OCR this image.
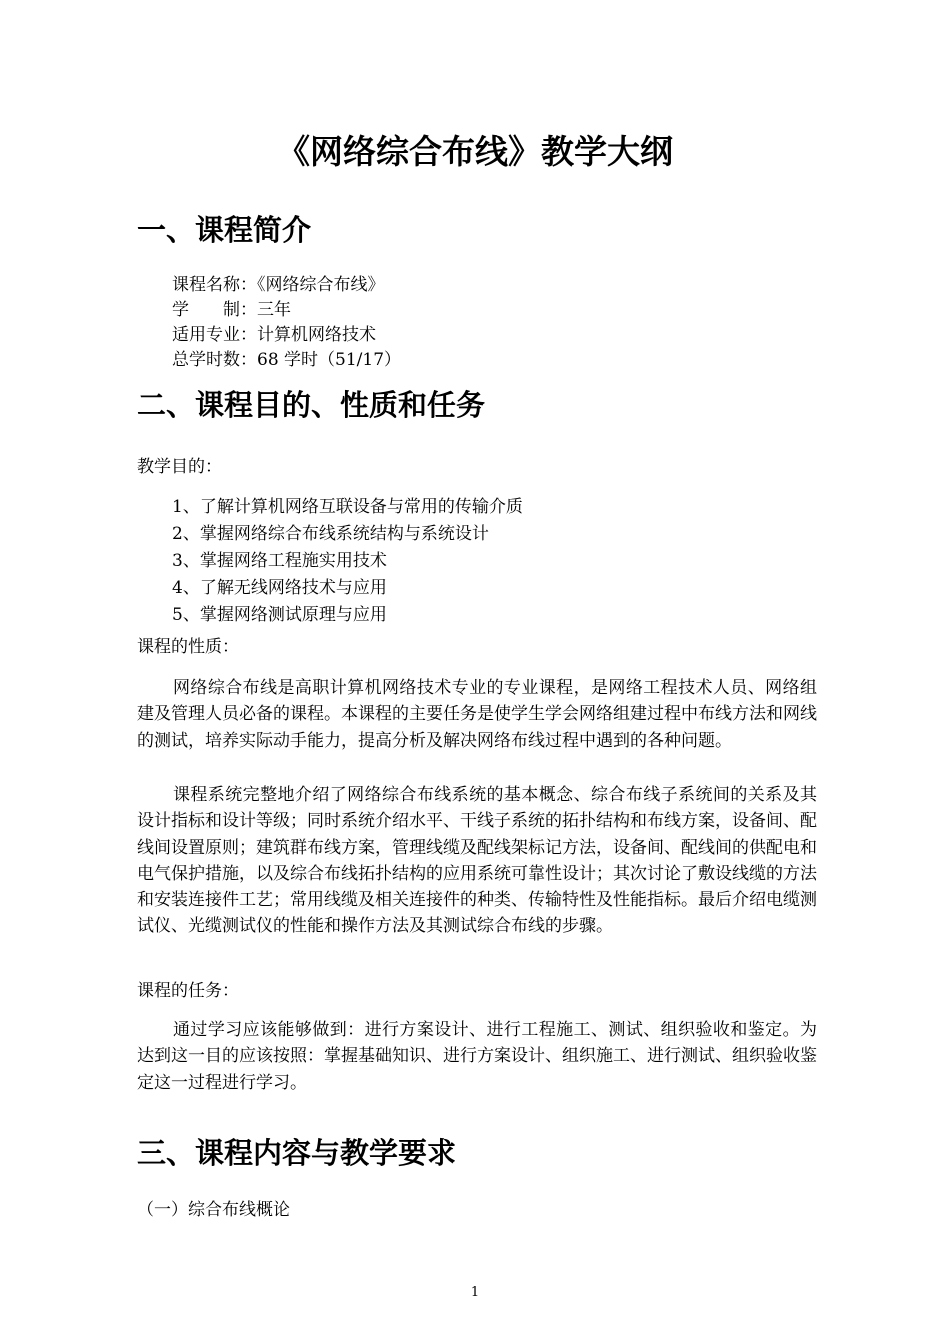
《网络综合布线》教学大纲
一、课程简介
课程名称：《网络综合布线》
学　　制：三年
适用专业：计算机网络技术
总学时数：68 学时（51/17）
二、课程目的、性质和任务
教学目的：
1、了解计算机网络互联设备与常用的传输介质
2、掌握网络综合布线系统结构与系统设计
3、掌握网络工程施实用技术
4、了解无线网络技术与应用
5、掌握网络测试原理与应用
课程的性质：

网络综合布线是高职计算机网络技术专业的专业课程，是网络工程技术人员、网络组建及管理人员必备的课程。本课程的主要任务是使学生学会网络组建过程中布线方法和网线的测试，培养实际动手能力，提高分析及解决网络布线过程中遇到的各种问题。

课程系统完整地介绍了网络综合布线系统的基本概念、综合布线子系统间的关系及其设计指标和设计等级；同时系统介绍水平、干线子系统的拓扑结构和布线方案，设备间、配线间设置原则；建筑群布线方案，管理线缆及配线架标记方法，设备间、配线间的供配电和电气保护措施，以及综合布线拓扑结构的应用系统可靠性设计；其次讨论了敷设线缆的方法和安装连接件工艺；常用线缆及相关连接件的种类、传输特性及性能指标。最后介绍电缆测试仪、光缆测试仪的性能和操作方法及其测试综合布线的步骤。

课程的任务：

通过学习应该能够做到：进行方案设计、进行工程施工、测试、组织验收和鉴定。为达到这一目的应该按照：掌握基础知识、进行方案设计、组织施工、进行测试、组织验收鉴定这一过程进行学习。

三、课程内容与教学要求
（一）综合布线概论
1
